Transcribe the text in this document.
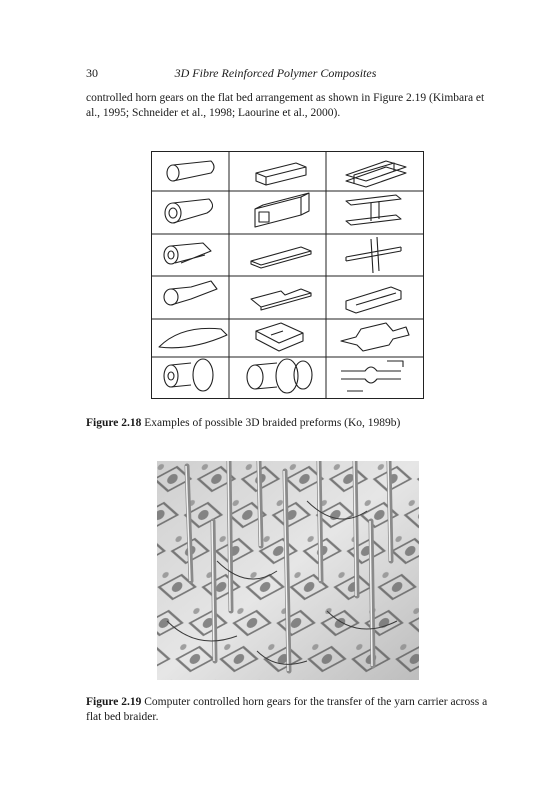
30	3D Fibre Reinforced Polymer Composites

controlled horn gears on the flat bed arrangement as shown in Figure 2.19 (Kimbara et al., 1995; Schneider et al., 1998; Laourine et al., 2000).

Figure 2.18 Examples of possible 3D braided preforms (Ko, 1989b)

Figure 2.19 Computer controlled horn gears for the transfer of the yarn carrier across a flat bed braider.
